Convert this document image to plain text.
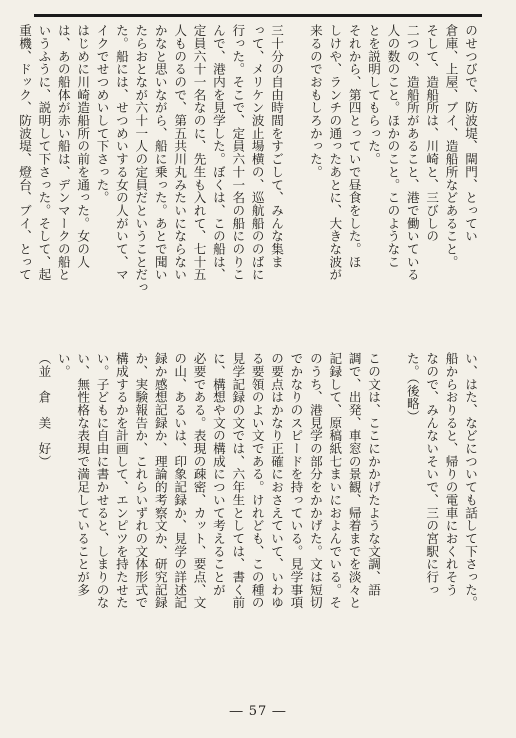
のせつびで、防波堤、閘門、とってい

倉庫、上屋、ブイ、造船所などあること。

そして、造船所は、川崎と、三びしの

二つの、造船所があること、港で働いている

人の数のこと。ほかのこと。このようなこ

とを説明してもらった。

それから、第四とっていで昼食をした。ほ

しけや、ランチの通ったあとに、大きな波が

来るのでおもしろかった。

三十分の自由時間をすごして、みんな集ま

って、メリケン波止場横の、巡航船ののばに

行った。そこで、定員六十一名の船にのりこ

んで、港内を見学した。ぼくは、この船は、

定員六十一名なのに、先生も入れて、七十五

人ものるので、第五共川丸みたいにならない

かなと思いながら、船に乗った。あとで聞い

たらおとなが六十一人の定員だということだっ

た。船には、せつめいする女の人がいて、マ

イクでせつめいして下さった。

はじめに川崎造船所の前を通った。女の人

は、あの船体が赤い船は、デンマークの船と

いうふうに、説明して下さった。そして、起

重機、ドック、防波堤、燈台、ブイ、とって

い、はた、などについても話して下さった。

船からおりると、帰りの電車におくれそう

なので、みんないそいで、三の宮駅に行っ

た。（後略）

この文は、ここにかかげたような文調、語

調で、出発、車窓の景観、帰着までを淡々と

記録して、原稿紙七まいにおよんでいる。そ

のうち、港見学の部分をかかげた。文は短切

でかなりのスピードを持っている。見学事項

の要点はかなり正確におさえていて、いわゆ

る要領のよい文である。けれども、この種の

見学記録の文では、六年生としては、書く前

に、構想や文の構成について考えることが

必要である。表現の疎密、カット、要点、文

の山、あるいは、印象記録か、見学の詳述記

録か感想記録か、理論的考察文か、研究記録

か、実験報告か、これらいずれの文体形式で

構成するかを計画して、エンピツを持たせた

い。子どもに自由に書かせると、しまりのな

い、無性格な表現で満足していることが多

い。

（並　倉　美　好）

― 57 ―
